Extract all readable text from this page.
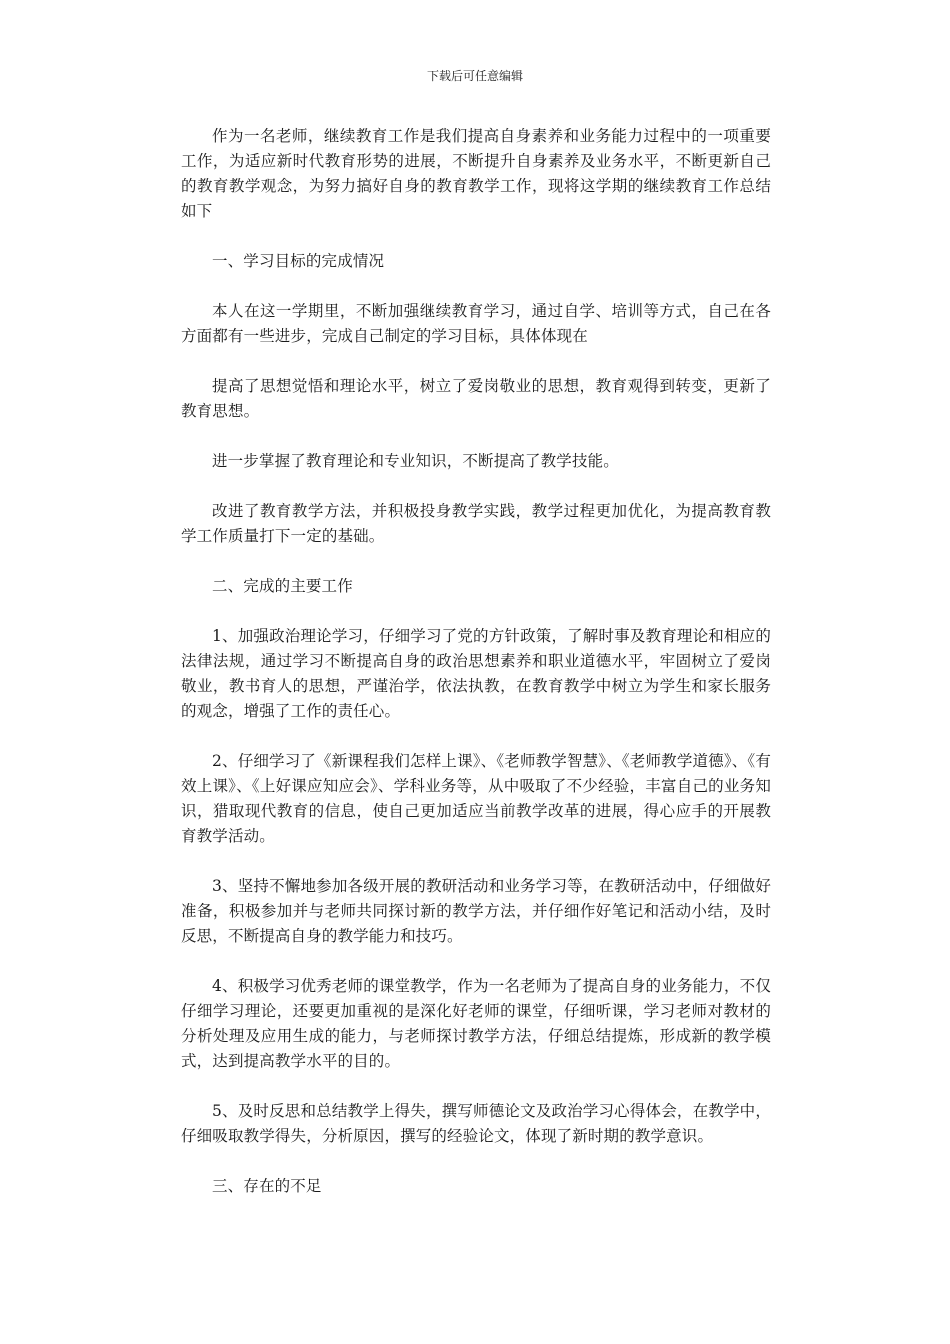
下载后可任意编辑

作为一名老师，继续教育工作是我们提高自身素养和业务能力过程中的一项重要工作，为适应新时代教育形势的进展，不断提升自身素养及业务水平，不断更新自己的教育教学观念，为努力搞好自身的教育教学工作，现将这学期的继续教育工作总结如下

一、学习目标的完成情况

本人在这一学期里，不断加强继续教育学习，通过自学、培训等方式，自己在各方面都有一些进步，完成自己制定的学习目标，具体体现在

提高了思想觉悟和理论水平，树立了爱岗敬业的思想，教育观得到转变，更新了教育思想。

进一步掌握了教育理论和专业知识，不断提高了教学技能。

改进了教育教学方法，并积极投身教学实践，教学过程更加优化，为提高教育教学工作质量打下一定的基础。

二、完成的主要工作

1、加强政治理论学习，仔细学习了党的方针政策，了解时事及教育理论和相应的法律法规，通过学习不断提高自身的政治思想素养和职业道德水平，牢固树立了爱岗敬业，教书育人的思想，严谨治学，依法执教，在教育教学中树立为学生和家长服务的观念，增强了工作的责任心。

2、仔细学习了《新课程我们怎样上课》、《老师教学智慧》、《老师教学道德》、《有效上课》、《上好课应知应会》、学科业务等，从中吸取了不少经验，丰富自己的业务知识，猎取现代教育的信息，使自己更加适应当前教学改革的进展，得心应手的开展教育教学活动。

3、坚持不懈地参加各级开展的教研活动和业务学习等，在教研活动中，仔细做好准备，积极参加并与老师共同探讨新的教学方法，并仔细作好笔记和活动小结，及时反思，不断提高自身的教学能力和技巧。

4、积极学习优秀老师的课堂教学，作为一名老师为了提高自身的业务能力，不仅仔细学习理论，还要更加重视的是深化好老师的课堂，仔细听课，学习老师对教材的分析处理及应用生成的能力，与老师探讨教学方法，仔细总结提炼，形成新的教学模式，达到提高教学水平的目的。

5、及时反思和总结教学上得失，撰写师德论文及政治学习心得体会，在教学中，仔细吸取教学得失，分析原因，撰写的经验论文，体现了新时期的教学意识。

三、存在的不足
